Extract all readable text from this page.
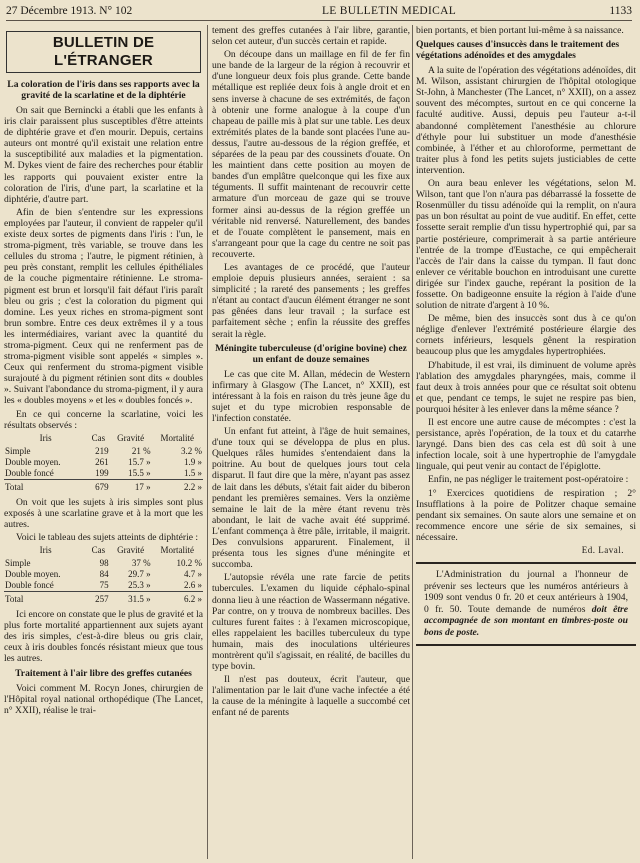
27 Décembre 1913. N° 102	LE BULLETIN MEDICAL	1133
BULLETIN DE L'ÉTRANGER
La coloration de l'iris dans ses rapports avec la gravité de la scarlatine et de la diphtérie

On sait que Bernincki a établi que les enfants à iris clair paraissent plus susceptibles d'être atteints de diphtérie grave et d'en mourir. Depuis, certains auteurs ont montré qu'il existait une relation entre la susceptibilité aux maladies et la pigmentation. M. Dykes vient de faire des recherches pour établir les rapports qui pouvaient exister entre la coloration de l'iris, d'une part, la scarlatine et la diphtérie, d'autre part.

Afin de bien s'entendre sur les expressions employées par l'auteur, il convient de rappeler qu'il existe deux sortes de pigments dans l'iris : l'un, le stroma-pigment, très variable, se trouve dans les cellules du stroma ; l'autre, le pigment rétinien, à peu près constant, remplit les cellules épithéliales de la couche pigmentaire rétinienne. Le stroma-pigment est brun et lorsqu'il fait défaut l'iris paraît bleu ou gris ; c'est la coloration du pigment qui domine. Les yeux riches en stroma-pigment sont brun sombre. Entre ces deux extrêmes il y a tous les intermédiaires, variant avec la quantité du stroma-pigment. Ceux qui ne renferment pas de stroma-pigment visible sont appelés « simples ». Ceux qui renferment du stroma-pigment visible surajouté à du pigment rétinien sont dits « doubles ». Suivant l'abondance du stroma-pigment, il y aura les « doubles moyens » et les « doubles foncés ».

En ce qui concerne la scarlatine, voici les résultats observés :

Iris	Cas	Gravité	Mortalité
Simple	219	21 %	3.2 %
Double moyen.	261	15.7 »	1.9 »
Double foncé	199	15.5 »	1.5 »
Total	679	17 »	2.2 »

On voit que les sujets à iris simples sont plus exposés à une scarlatine grave et à la mort que les autres.

Voici le tableau des sujets atteints de diphtérie :

Iris	Cas	Gravité	Mortalité
Simple	98	37 %	10.2 %
Double moyen.	84	29.7 »	4.7 »
Double foncé	75	25.3 »	2.6 »
Total	257	31.5 »	6.2 »

Ici encore on constate que le plus de gravité et la plus forte mortalité appartiennent aux sujets ayant des iris simples, c'est-à-dire bleus ou gris clair, ceux à iris doubles foncés résistant mieux que tous les autres.

Traitement à l'air libre des greffes cutanées

Voici comment M. Rocyn Jones, chirurgien de l'Hôpital royal national orthopédique (The Lancet, n° XXII), réalise le trai-

tement des greffes cutanées à l'air libre, garantie, selon cet auteur, d'un succès certain et rapide.

On découpe dans un maillage en fil de fer fin une bande de la largeur de la région à recouvrir et d'une longueur deux fois plus grande. Cette bande métallique est repliée deux fois à angle droit et en sens inverse à chacune de ses extrémités, de façon à obtenir une forme analogue à la coupe d'un chapeau de paille mis à plat sur une table. Les deux extrémités plates de la bande sont placées l'une au-dessus, l'autre au-dessous de la région greffée, et séparées de la peau par des coussinets d'ouate. On les maintient dans cette position au moyen de bandes d'un emplâtre quelconque qui les fixe aux téguments. Il suffit maintenant de recouvrir cette armature d'un morceau de gaze qui se trouve former ainsi au-dessus de la région greffée un véritable nid renversé. Naturellement, des bandes et de l'ouate complètent le pansement, mais en s'arrangeant pour que la cage du centre ne soit pas recouverte.

Les avantages de ce procédé, que l'auteur emploie depuis plusieurs années, seraient : sa simplicité ; la rareté des pansements ; les greffes n'étant au contact d'aucun élément étranger ne sont pas gênées dans leur travail ; la surface est parfaitement sèche ; enfin la réussite des greffes serait la règle.

Méningite tuberculeuse (d'origine bovine) chez un enfant de douze semaines

Le cas que cite M. Allan, médecin de Western infirmary à Glasgow (The Lancet, n° XXII), est intéressant à la fois en raison du très jeune âge du sujet et du type microbien responsable de l'infection constatée.

Un enfant fut atteint, à l'âge de huit semaines, d'une toux qui se développa de plus en plus. Quelques râles humides s'entendaient dans la poitrine. Au bout de quelques jours tout cela disparut. Il faut dire que la mère, n'ayant pas assez de lait dans les débuts, s'était fait aider du biberon pendant les premières semaines. Vers la onzième semaine le lait de la mère étant revenu très abondant, le lait de vache avait été supprimé. L'enfant commença à être pâle, irritable, il maigrit. Des convulsions apparurent. Finalement, il présenta tous les signes d'une méningite et succomba.

L'autopsie révéla une rate farcie de petits tubercules. L'examen du liquide céphalo-spinal donna lieu à une réaction de Wassermann négative. Par contre, on y trouva de nombreux bacilles. Des cultures furent faites : à l'examen microscopique, elles rappelaient les bacilles tuberculeux du type humain, mais des inoculations ultérieures montrèrent qu'il s'agissait, en réalité, de bacilles du type bovin.

Il n'est pas douteux, écrit l'auteur, que l'alimentation par le lait d'une vache infectée a été la cause de la méningite à laquelle a succombé cet enfant né de parents

bien portants, et bien portant lui-même à sa naissance.

Quelques causes d'insuccès dans le traitement des végétations adénoïdes et des amygdales

A la suite de l'opération des végétations adénoïdes, dit M. Wilson, assistant chirurgien de l'hôpital otologique St-John, à Manchester (The Lancet, n° XXII), on a assez souvent des mécomptes, surtout en ce qui concerne la faculté auditive. Aussi, depuis peu l'auteur a-t-il abandonné complètement l'anesthésie au chlorure d'éthyle pour lui substituer un mode d'anesthésie combinée, à l'éther et au chloroforme, permettant de traiter plus à fond les petits sujets justiciables de cette intervention.

On aura beau enlever les végétations, selon M. Wilson, tant que l'on n'aura pas débarrassé la fossette de Rosenmüller du tissu adénoïde qui la remplit, on n'aura pas un bon résultat au point de vue auditif. En effet, cette fossette serait remplie d'un tissu hypertrophié qui, par sa partie postérieure, comprimerait à sa partie antérieure l'entrée de la trompe d'Eustache, ce qui empêcherait l'accès de l'air dans la caisse du tympan. Il faut donc enlever ce véritable bouchon en introduisant une curette dirigée sur l'index gauche, repérant la position de la fossette. On badigeonne ensuite la région à l'aide d'une solution de nitrate d'argent à 10 %.

De même, bien des insuccès sont dus à ce qu'on néglige d'enlever l'extrémité postérieure élargie des cornets inférieurs, lesquels gênent la respiration beaucoup plus que les amygdales hypertrophiées.

D'habitude, il est vrai, ils diminuent de volume après l'ablation des amygdales pharyngées, mais, comme il faut deux à trois années pour que ce résultat soit obtenu et que, pendant ce temps, le sujet ne respire pas bien, pourquoi hésiter à les enlever dans la même séance ?

Il est encore une autre cause de mécomptes : c'est la persistance, après l'opération, de la toux et du catarrhe laryngé. Dans bien des cas cela est dû soit à une infection locale, soit à une hypertrophie de l'amygdale linguale, qui peut venir au contact de l'épiglotte.

Enfin, ne pas négliger le traitement post-opératoire :

1° Exercices quotidiens de respiration ; 2° Insufflations à la poire de Politzer chaque semaine pendant six semaines. On saute alors une semaine et on recommence encore une série de six semaines, si nécessaire.

Ed. Laval.

L'Administration du journal a l'honneur de prévenir ses lecteurs que les numéros antérieurs à 1909 sont vendus 0 fr. 20 et ceux antérieurs à 1904, 0 fr. 50. Toute demande de numéros doit être accompagnée de son montant en timbres-poste ou bons de poste.
